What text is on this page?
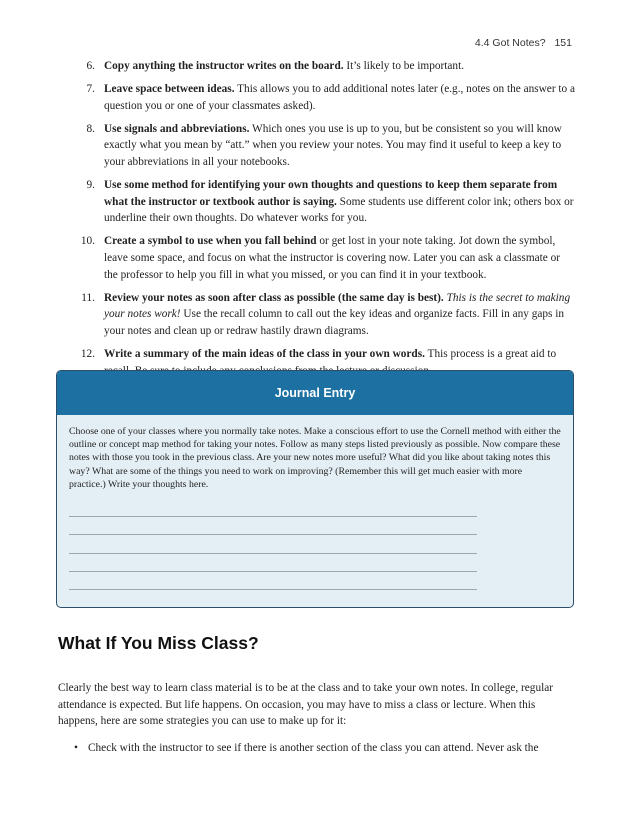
4.4 Got Notes? 151
6. Copy anything the instructor writes on the board. It’s likely to be important.
7. Leave space between ideas. This allows you to add additional notes later (e.g., notes on the answer to a question you or one of your classmates asked).
8. Use signals and abbreviations. Which ones you use is up to you, but be consistent so you will know exactly what you mean by “att.” when you review your notes. You may find it useful to keep a key to your abbreviations in all your notebooks.
9. Use some method for identifying your own thoughts and questions to keep them separate from what the instructor or textbook author is saying. Some students use different color ink; others box or underline their own thoughts. Do whatever works for you.
10. Create a symbol to use when you fall behind or get lost in your note taking. Jot down the symbol, leave some space, and focus on what the instructor is covering now. Later you can ask a classmate or the professor to help you fill in what you missed, or you can find it in your textbook.
11. Review your notes as soon after class as possible (the same day is best). This is the secret to making your notes work! Use the recall column to call out the key ideas and organize facts. Fill in any gaps in your notes and clean up or redraw hastily drawn diagrams.
12. Write a summary of the main ideas of the class in your own words. This process is a great aid to
Journal Entry
Choose one of your classes where you normally take notes. Make a conscious effort to use the Cornell method with either the outline or concept map method for taking your notes. Follow as many steps listed previously as possible. Now compare these notes with those you took in the previous class. Are your new notes more useful? What did you like about taking notes this way? What are some of the things you need to work on improving? (Remember this will get much easier with more practice.) Write your thoughts here.
What If You Miss Class?

Clearly the best way to learn class material is to be at the class and to take your own notes. In college, regular attendance is expected. But life happens. On occasion, you may have to miss a class or lecture. When this happens, here are some strategies you can use to make up for it:

• Check with the instructor to see if there is another section of the class you can attend. Never ask the
